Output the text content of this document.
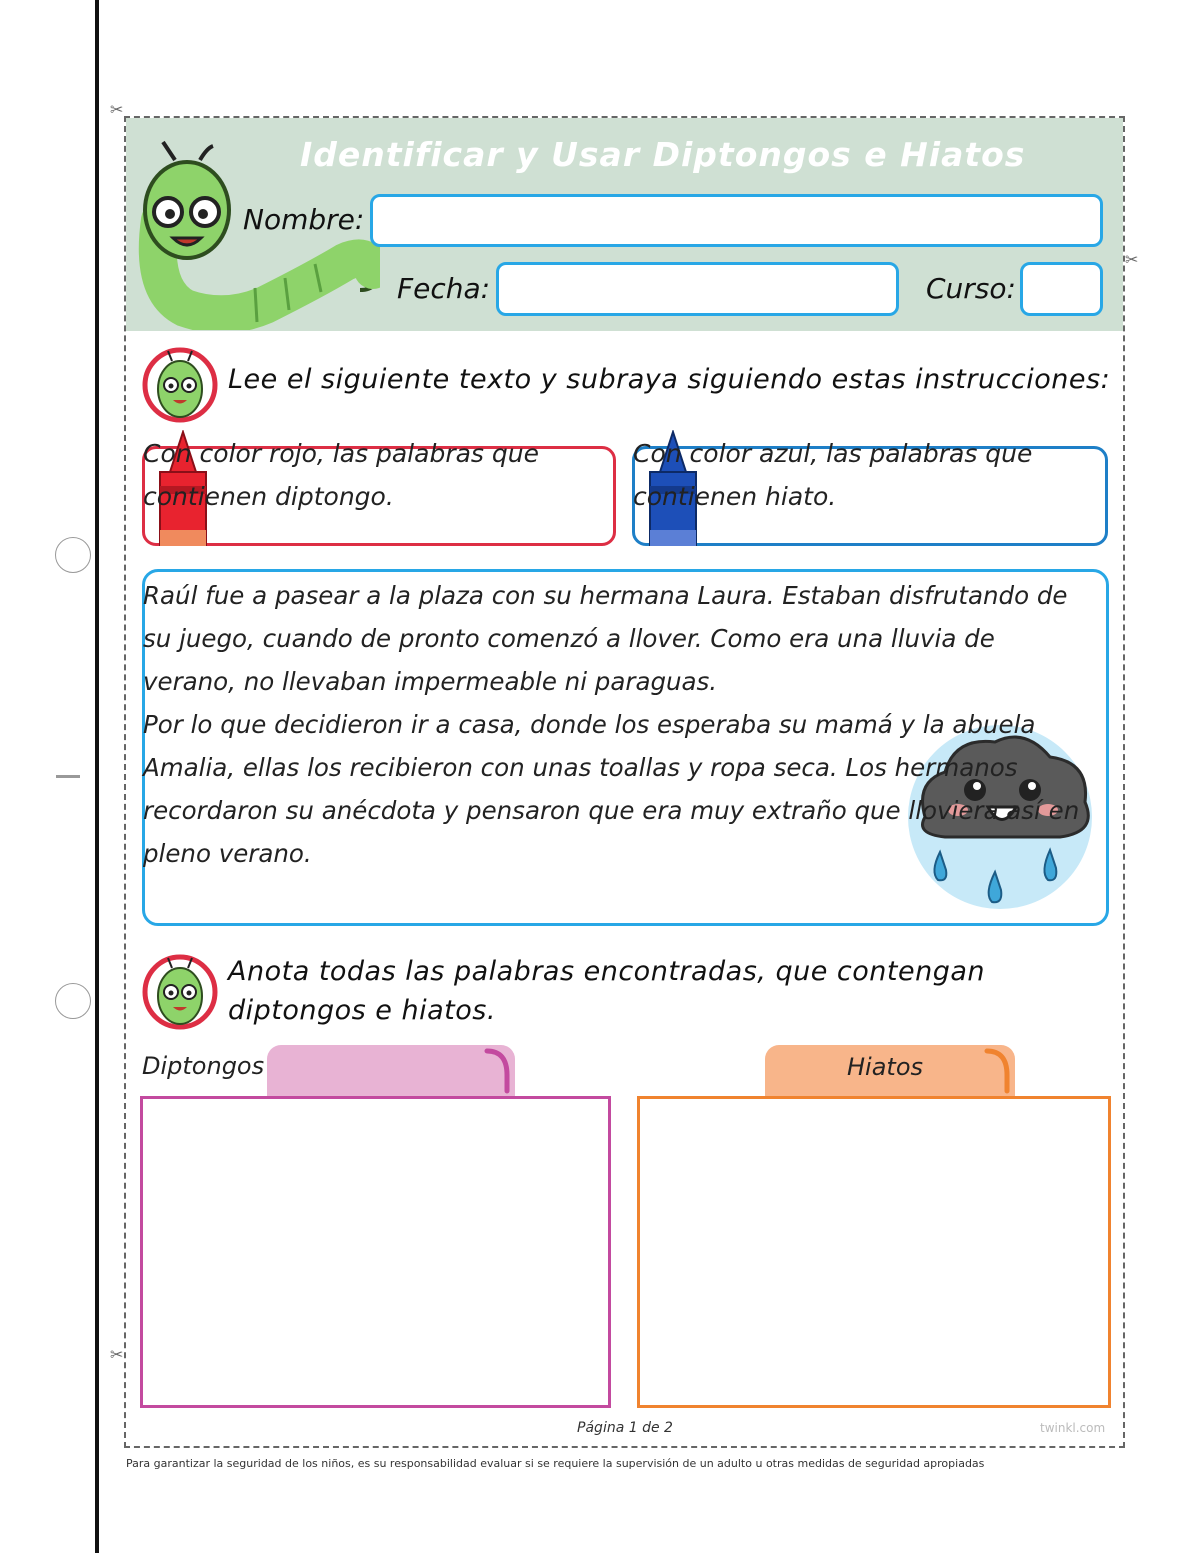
✂
✂
✂
Identificar y Usar Diptongos e Hiatos
Nombre:
Fecha:	Curso:
Lee el siguiente texto y subraya siguiendo estas instrucciones:
Con color rojo, las palabras que
contienen diptongo.
Con color azul, las palabras que
contienen hiato.

Raúl fue a pasear a la plaza con su hermana Laura. Estaban disfrutando de

su juego, cuando de pronto comenzó a llover. Como era una lluvia de

verano, no llevaban impermeable ni paraguas.

Por lo que decidieron ir a casa, donde los esperaba su mamá y la abuela

Amalia, ellas los recibieron con unas toallas y ropa seca. Los hermanos

recordaron su anécdota y pensaron que era muy extraño que lloviera así en

pleno verano.

Anota todas las palabras encontradas, que contengan
diptongos e hiatos.
Diptongos	Hiatos
Página 1 de 2	twinkl.com
Para garantizar la seguridad de los niños, es su responsabilidad evaluar si se requiere la supervisión de un adulto u otras medidas de seguridad apropiadas
